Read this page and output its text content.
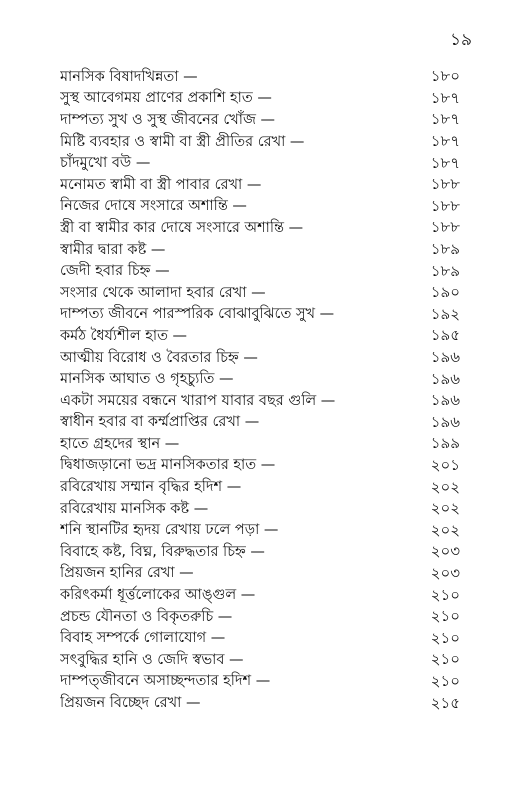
১৯
মানসিক বিষাদখিন্নতা —	১৮০
সুস্থ আবেগময় প্রাণের প্রকাশি হাত —	১৮৭
দাম্পত্য সুখ ও সুস্থ জীবনের খোঁজ —	১৮৭
মিষ্টি ব্যবহার ও স্বামী বা স্ত্রী প্রীতির রেখা —	১৮৭
চাঁদমুখো বউ —	১৮৭
মনোমত স্বামী বা স্ত্রী পাবার রেখা —	১৮৮
নিজের দোষে সংসারে অশান্তি —	১৮৮
স্ত্রী বা স্বামীর কার দোষে সংসারে অশান্তি —	১৮৮
স্বামীর দ্বারা কষ্ট —	১৮৯
জেদী হবার চিহ্ন —	১৮৯
সংসার থেকে আলাদা হবার রেখা —	১৯০
দাম্পত্য জীবনে পারস্পরিক বোঝাবুঝিতে সুখ —	১৯২
কর্মঠ ধৈর্য্যশীল হাত —	১৯৫
আত্মীয় বিরোধ ও বৈরতার চিহ্ন —	১৯৬
মানসিক আঘাত ও গৃহচ্যুতি —	১৯৬
একটা সময়ের বন্ধনে খারাপ যাবার বছর গুলি —	১৯৬
স্বাধীন হবার বা কর্ম্মপ্রাপ্তির রেখা —	১৯৬
হাতে গ্রহদের স্থান —	১৯৯
দ্বিধাজড়ানো ভদ্র মানসিকতার হাত —	২০১
রবিরেখায় সম্মান বৃদ্ধির হদিশ —	২০২
রবিরেখায় মানসিক কষ্ট —	২০২
শনি স্থানটির হৃদয় রেখায় ঢলে পড়া —	২০২
বিবাহে কষ্ট, বিঘ্ন, বিরুদ্ধতার চিহ্ন —	২০৩
প্রিয়জন হানির রেখা —	২০৩
করিৎকর্মা ধূর্ত্তলোকের আঙ্গুল —	২১০
প্রচন্ড যৌনতা ও বিকৃতরুচি —	২১০
বিবাহ সম্পর্কে গোলাযোগ —	২১০
সৎবুদ্ধির হানি ও জেদি স্বভাব —	২১০
দাম্পত্জীবনে অসাচ্ছন্দতার হদিশ —	২১০
প্রিয়জন বিচ্ছেদ রেখা —	২১৫
